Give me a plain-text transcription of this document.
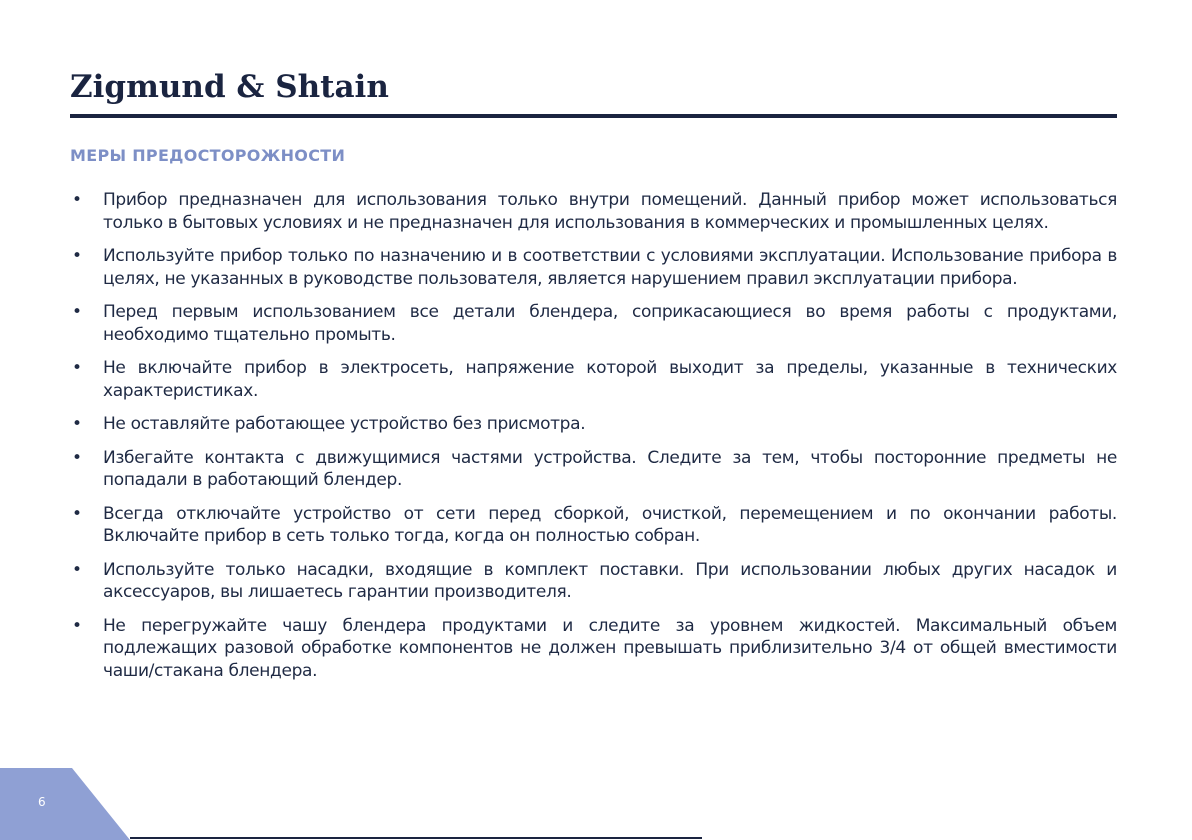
Zigmund & Shtain
МЕРЫ ПРЕДОСТОРОЖНОСТИ
• Прибор предназначен для использования только внутри помещений. Данный прибор может использоваться только в бытовых условиях и не предназначен для использования в коммерческих и промышленных целях.
• Используйте прибор только по назначению и в соответствии с условиями эксплуатации. Использование прибора в целях, не указанных в руководстве пользователя, является нарушением правил эксплуатации прибора.
• Перед первым использованием все детали блендера, соприкасающиеся во время работы с продуктами, необходимо тщательно промыть.
• Не включайте прибор в электросеть, напряжение которой выходит за пределы, указанные в технических характеристиках.
• Не оставляйте работающее устройство без присмотра.
• Избегайте контакта с движущимися частями устройства. Следите за тем, чтобы посторонние предметы не попадали в работающий блендер.
• Всегда отключайте устройство от сети перед сборкой, очисткой, перемещением и по окончании работы. Включайте прибор в сеть только тогда, когда он полностью собран.
• Используйте только насадки, входящие в комплект поставки. При использовании любых других насадок и аксессуаров, вы лишаетесь гарантии производителя.
• Не перегружайте чашу блендера продуктами и следите за уровнем жидкостей. Максимальный объем подлежащих разовой обработке компонентов не должен превышать приблизительно 3/4 от общей вместимости чаши/стакана блендера.
6
